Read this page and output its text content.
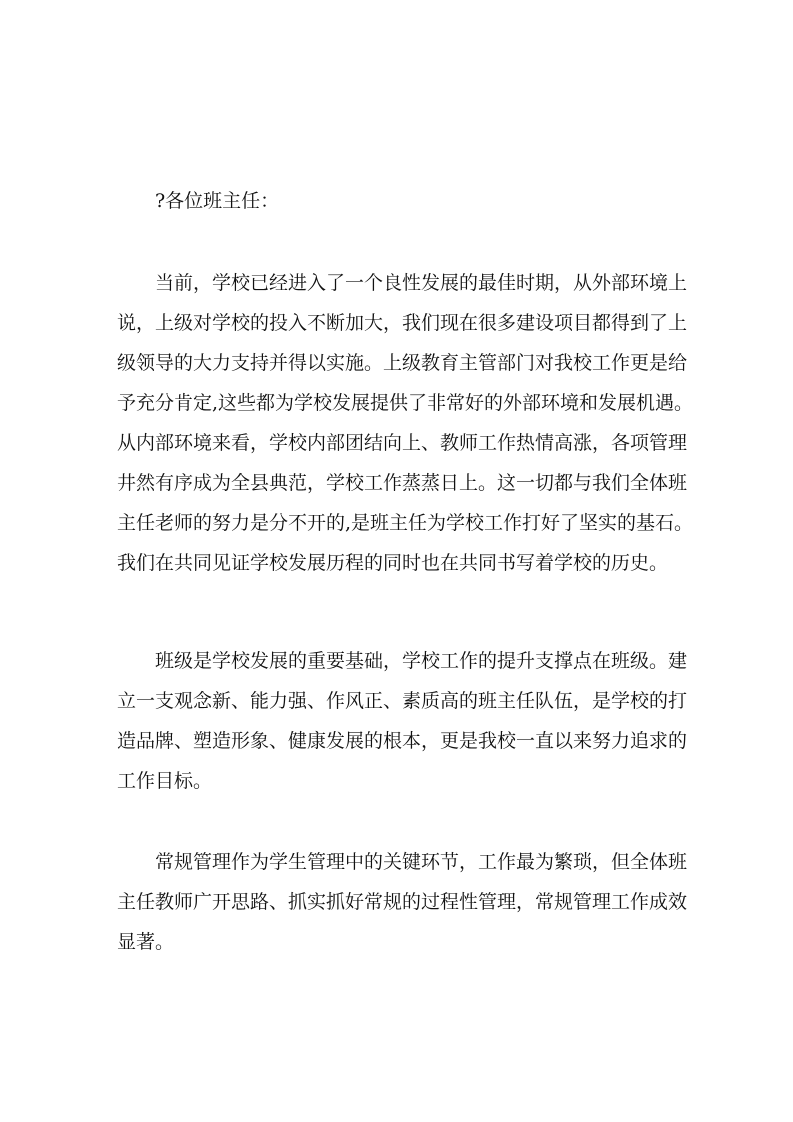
?各位班主任：
当前，学校已经进入了一个良性发展的最佳时期，从外部环境上
说，上级对学校的投入不断加大，我们现在很多建设项目都得到了上
级领导的大力支持并得以实施。上级教育主管部门对我校工作更是给
予充分肯定,这些都为学校发展提供了非常好的外部环境和发展机遇。
从内部环境来看，学校内部团结向上、教师工作热情高涨，各项管理
井然有序成为全县典范，学校工作蒸蒸日上。这一切都与我们全体班
主任老师的努力是分不开的,是班主任为学校工作打好了坚实的基石。
我们在共同见证学校发展历程的同时也在共同书写着学校的历史。
班级是学校发展的重要基础，学校工作的提升支撑点在班级。建
立一支观念新、能力强、作风正、素质高的班主任队伍，是学校的打
造品牌、塑造形象、健康发展的根本，更是我校一直以来努力追求的
工作目标。
常规管理作为学生管理中的关键环节，工作最为繁琐，但全体班
主任教师广开思路、抓实抓好常规的过程性管理，常规管理工作成效
显著。
